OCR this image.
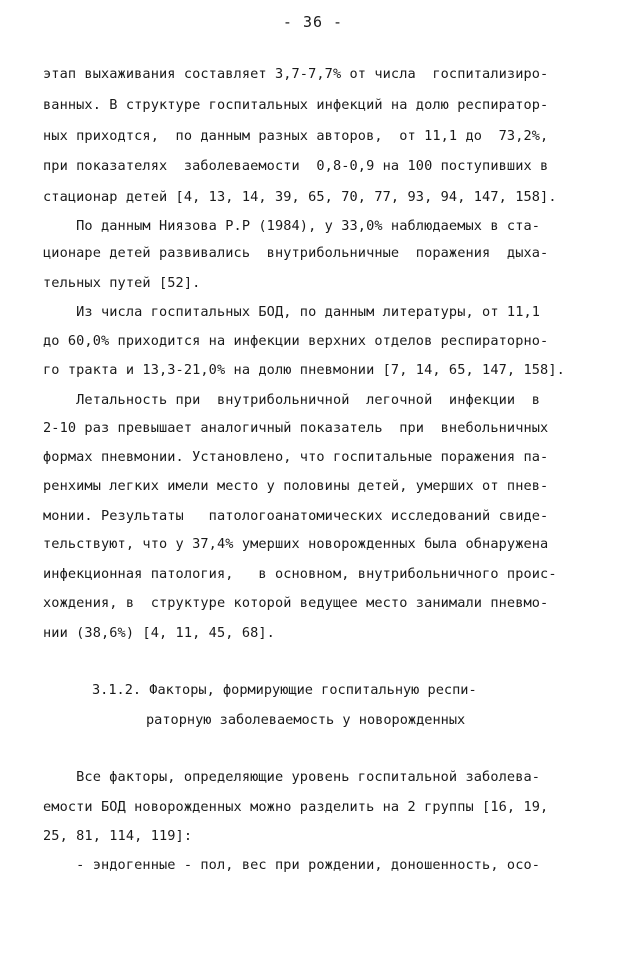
- 36 -
этап выхаживания составляет 3,7-7,7% от числа  госпитализиро-
ванных. В структуре госпитальных инфекций на долю респиратор-
ных приходтся,  по данным разных авторов,  от 11,1 до  73,2%,
при показателях  заболеваемости  0,8-0,9 на 100 поступивших в
стационар детей [4, 13, 14, 39, 65, 70, 77, 93, 94, 147, 158].
По данным Ниязова Р.Р (1984), у 33,0% наблюдаемых в ста-
ционаре детей развивались  внутрибольничные  поражения  дыха-
тельных путей [52].
Из числа госпитальных БОД, по данным литературы, от 11,1
до 60,0% приходится на инфекции верхних отделов респираторно-
го тракта и 13,3-21,0% на долю пневмонии [7, 14, 65, 147, 158].
Летальность при  внутрибольничной  легочной  инфекции  в
2-10 раз превышает аналогичный показатель  при  внебольничных
формах пневмонии. Установлено, что госпитальные поражения па-
ренхимы легких имели место у половины детей, умерших от пнев-
монии. Результаты   патологоанатомических исследований свиде-
тельствуют, что у 37,4% умерших новорожденных была обнаружена
инфекционная патология,   в основном, внутрибольничного проис-
хождения, в  структуре которой ведущее место занимали пневмо-
нии (38,6%) [4, 11, 45, 68].
3.1.2. Факторы, формирующие госпитальную респи-
раторную заболеваемость у новорожденных
Все факторы, определяющие уровень госпитальной заболева-
емости БОД новорожденных можно разделить на 2 группы [16, 19,
25, 81, 114, 119]:
- эндогенные - пол, вес при рождении, доношенность, осо-
